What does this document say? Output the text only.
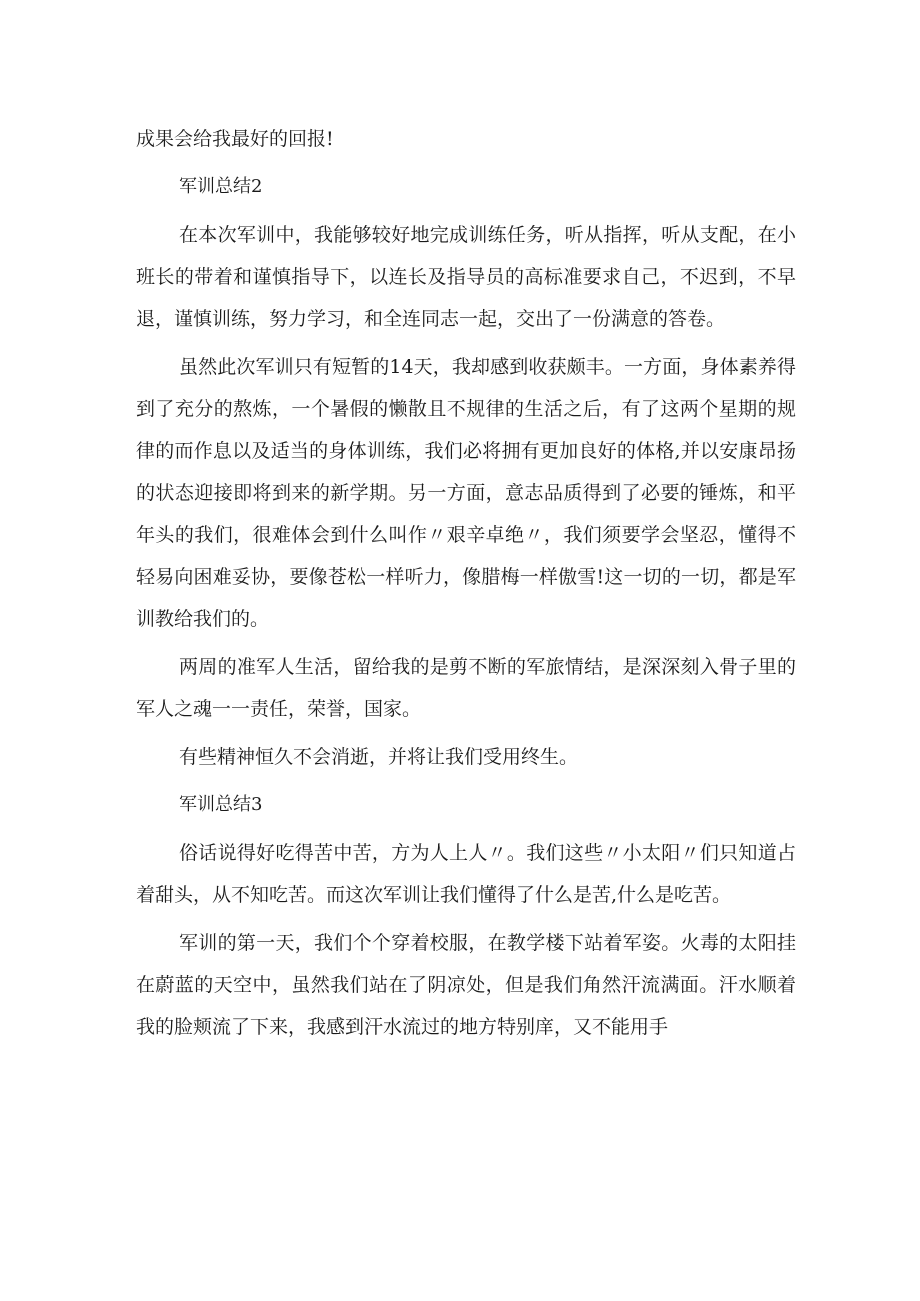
成果会给我最好的回报!

军训总结2

在本次军训中，我能够较好地完成训练任务，听从指挥，听从支配，在小班长的带着和谨慎指导下，以连长及指导员的高标准要求自己，不迟到，不早退，谨慎训练，努力学习，和全连同志一起，交出了一份满意的答卷。

虽然此次军训只有短暂的14天，我却感到收获颇丰。一方面，身体素养得到了充分的熬炼，一个暑假的懒散且不规律的生活之后，有了这两个星期的规律的而作息以及适当的身体训练，我们必将拥有更加良好的体格,并以安康昂扬的状态迎接即将到来的新学期。另一方面，意志品质得到了必要的锤炼，和平年头的我们，很难体会到什么叫作〃艰辛卓绝〃，我们须要学会坚忍，懂得不轻易向困难妥协，要像苍松一样听力，像腊梅一样傲雪!这一切的一切，都是军训教给我们的。

两周的准军人生活，留给我的是剪不断的军旅情结，是深深刻入骨子里的军人之魂一一责任，荣誉，国家。

有些精神恒久不会消逝，并将让我们受用终生。

军训总结3

俗话说得好吃得苦中苦，方为人上人〃。我们这些〃小太阳〃们只知道占着甜头，从不知吃苦。而这次军训让我们懂得了什么是苦,什么是吃苦。

军训的第一天，我们个个穿着校服，在教学楼下站着军姿。火毒的太阳挂在蔚蓝的天空中，虽然我们站在了阴凉处，但是我们角然汗流满面。汗水顺着我的脸颊流了下来，我感到汗水流过的地方特别庠，又不能用手
